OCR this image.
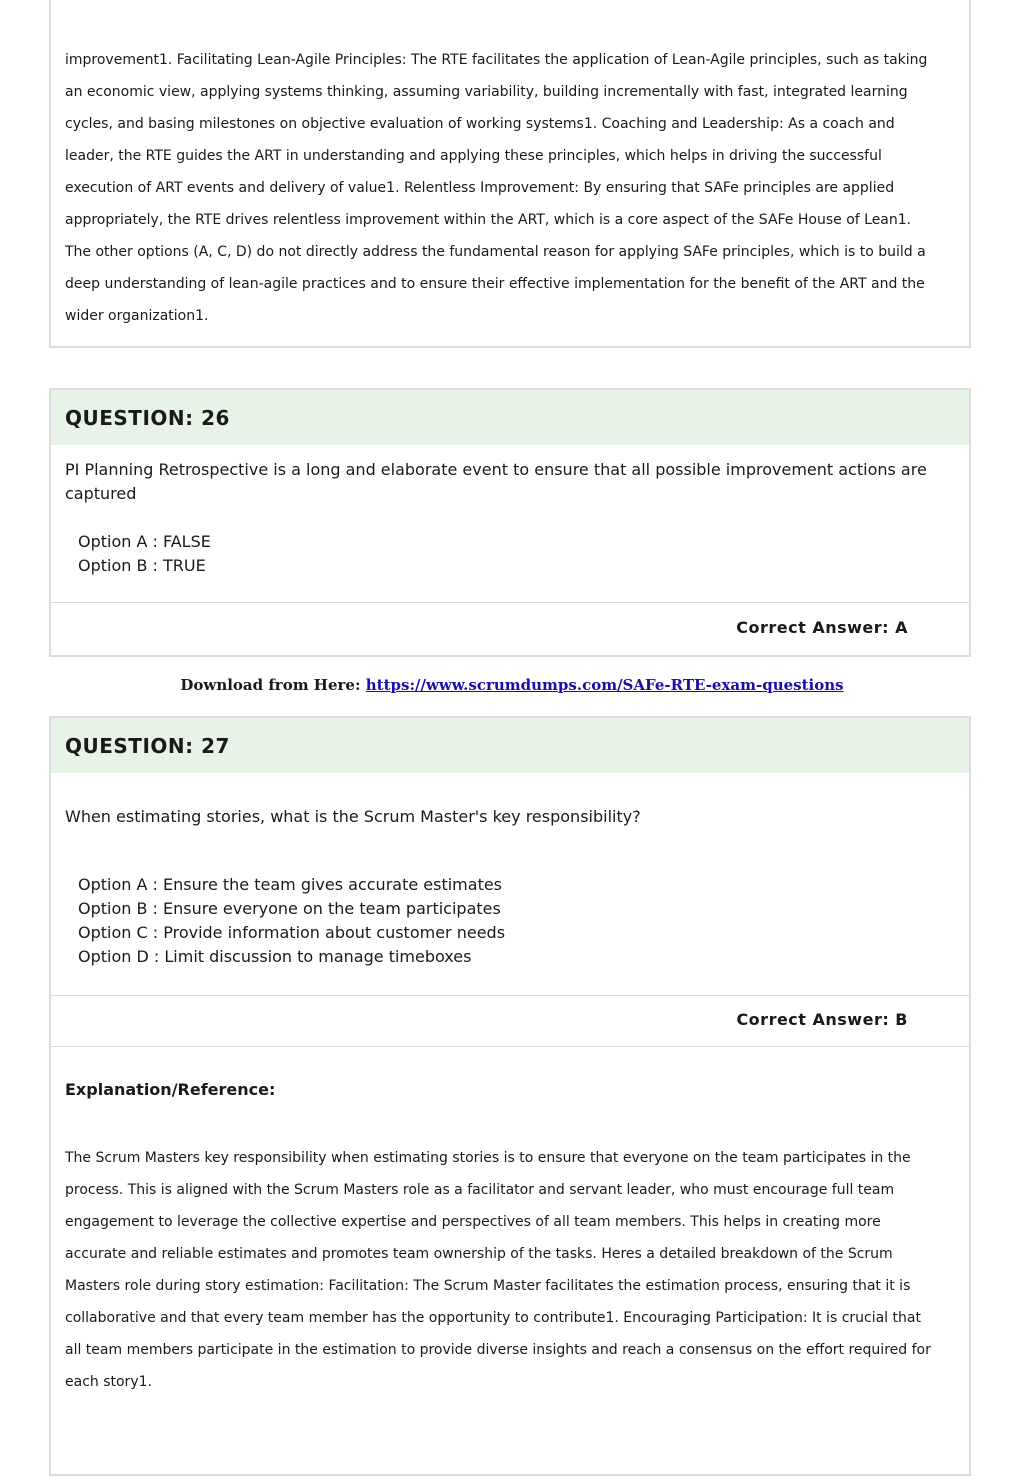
improvement1. Facilitating Lean-Agile Principles: The RTE facilitates the application of Lean-Agile principles, such as taking an economic view, applying systems thinking, assuming variability, building incrementally with fast, integrated learning cycles, and basing milestones on objective evaluation of working systems1. Coaching and Leadership: As a coach and leader, the RTE guides the ART in understanding and applying these principles, which helps in driving the successful execution of ART events and delivery of value1. Relentless Improvement: By ensuring that SAFe principles are applied appropriately, the RTE drives relentless improvement within the ART, which is a core aspect of the SAFe House of Lean1. The other options (A, C, D) do not directly address the fundamental reason for applying SAFe principles, which is to build a deep understanding of lean-agile practices and to ensure their effective implementation for the benefit of the ART and the wider organization1.

QUESTION: 26

PI Planning Retrospective is a long and elaborate event to ensure that all possible improvement actions are captured

Option A : FALSE
Option B : TRUE
Correct Answer: A
Download from Here: https://www.scrumdumps.com/SAFe-RTE-exam-questions
QUESTION: 27

When estimating stories, what is the Scrum Master's key responsibility?

Option A : Ensure the team gives accurate estimates
Option B : Ensure everyone on the team participates
Option C : Provide information about customer needs
Option D : Limit discussion to manage timeboxes
Correct Answer: B
Explanation/Reference:

The Scrum Masters key responsibility when estimating stories is to ensure that everyone on the team participates in the process. This is aligned with the Scrum Masters role as a facilitator and servant leader, who must encourage full team engagement to leverage the collective expertise and perspectives of all team members. This helps in creating more accurate and reliable estimates and promotes team ownership of the tasks. Heres a detailed breakdown of the Scrum Masters role during story estimation: Facilitation: The Scrum Master facilitates the estimation process, ensuring that it is collaborative and that every team member has the opportunity to contribute1. Encouraging Participation: It is crucial that all team members participate in the estimation to provide diverse insights and reach a consensus on the effort required for each story1.
